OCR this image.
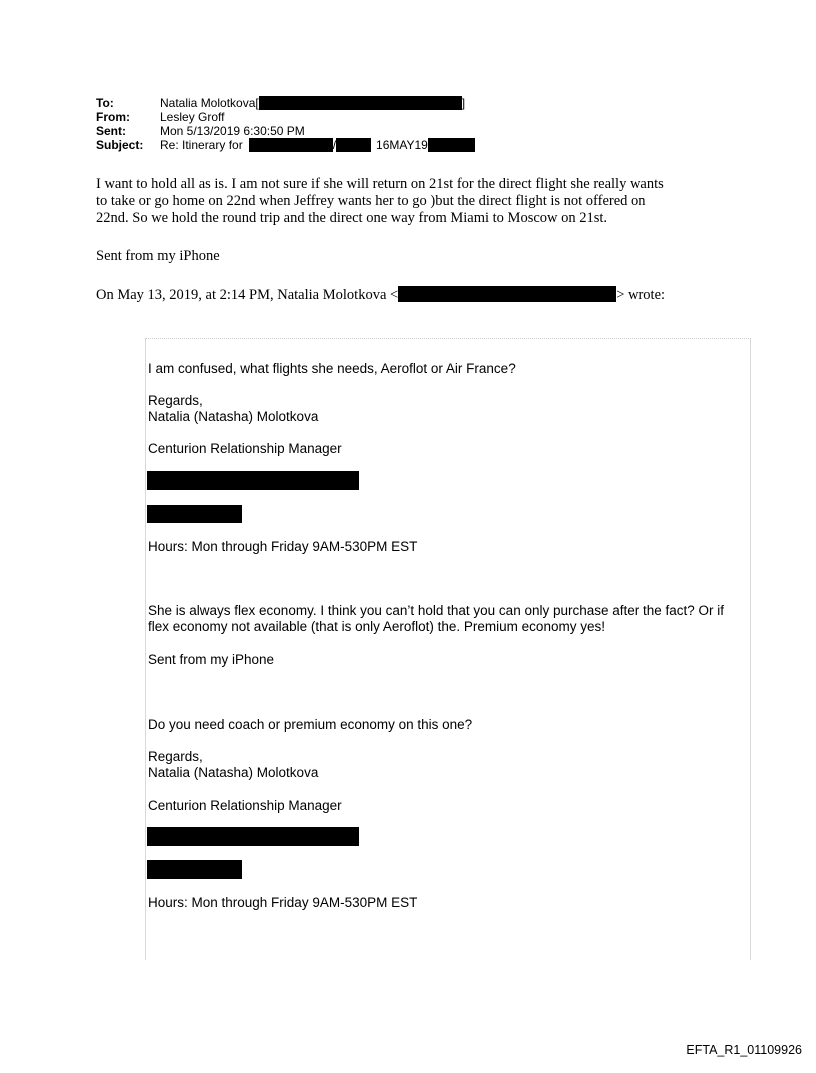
To:	Natalia Molotkova[	]
From:	Lesley Groff
Sent:	Mon 5/13/2019 6:30:50 PM
Subject:	Re: Itinerary for	/	16MAY19
I want to hold all as is. I am not sure if she will return on 21st for the direct flight she really wants
to take or go home on 22nd when Jeffrey wants her to go )but the direct flight is not offered on
22nd. So we hold the round trip and the direct one way from Miami to Moscow on 21st.
Sent from my iPhone
On May 13, 2019, at 2:14 PM, Natalia Molotkova <	> wrote:
I am confused, what flights she needs, Aeroflot or Air France?
Regards,
Natalia (Natasha) Molotkova
Centurion Relationship Manager
Hours: Mon through Friday 9AM-530PM EST
She is always flex economy. I think you can’t hold that you can only purchase after the fact? Or if
flex economy not available (that is only Aeroflot) the. Premium economy yes!
Sent from my iPhone
Do you need coach or premium economy on this one?
Regards,
Natalia (Natasha) Molotkova
Centurion Relationship Manager
Hours: Mon through Friday 9AM-530PM EST
EFTA_R1_01109926
